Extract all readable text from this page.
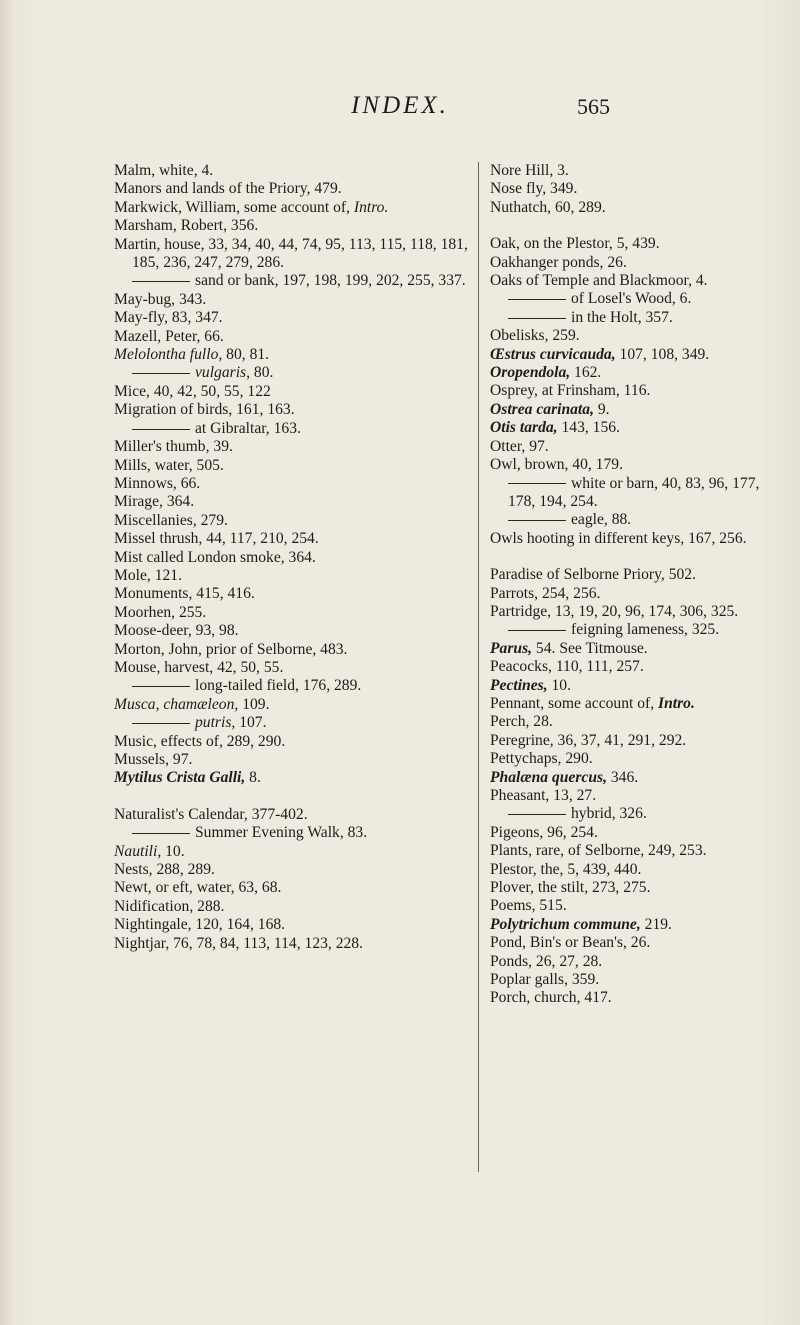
INDEX.	565

Malm, white, 4.

Manors and lands of the Priory, 479.

Markwick, William, some account of, Intro.

Marsham, Robert, 356.

Martin, house, 33, 34, 40, 44, 74, 95, 113, 115, 118, 181, 185, 236, 247, 279, 286.

sand or bank, 197, 198, 199, 202, 255, 337.

May-bug, 343.

May-fly, 83, 347.

Mazell, Peter, 66.

Melolontha fullo, 80, 81.

vulgaris, 80.

Mice, 40, 42, 50, 55, 122

Migration of birds, 161, 163.

at Gibraltar, 163.

Miller's thumb, 39.

Mills, water, 505.

Minnows, 66.

Mirage, 364.

Miscellanies, 279.

Missel thrush, 44, 117, 210, 254.

Mist called London smoke, 364.

Mole, 121.

Monuments, 415, 416.

Moorhen, 255.

Moose-deer, 93, 98.

Morton, John, prior of Selborne, 483.

Mouse, harvest, 42, 50, 55.

long-tailed field, 176, 289.

Musca, chamæleon, 109.

putris, 107.

Music, effects of, 289, 290.

Mussels, 97.

Mytilus Crista Galli, 8.

Naturalist's Calendar, 377-402.

Summer Evening Walk, 83.

Nautili, 10.

Nests, 288, 289.

Newt, or eft, water, 63, 68.

Nidification, 288.

Nightingale, 120, 164, 168.

Nightjar, 76, 78, 84, 113, 114, 123, 228.

Nore Hill, 3.

Nose fly, 349.

Nuthatch, 60, 289.

Oak, on the Plestor, 5, 439.

Oakhanger ponds, 26.

Oaks of Temple and Blackmoor, 4.

of Losel's Wood, 6.

in the Holt, 357.

Obelisks, 259.

Œstrus curvicauda, 107, 108, 349.

Oropendola, 162.

Osprey, at Frinsham, 116.

Ostrea carinata, 9.

Otis tarda, 143, 156.

Otter, 97.

Owl, brown, 40, 179.

white or barn, 40, 83, 96, 177, 178, 194, 254.

eagle, 88.

Owls hooting in different keys, 167, 256.

Paradise of Selborne Priory, 502.

Parrots, 254, 256.

Partridge, 13, 19, 20, 96, 174, 306, 325.

feigning lameness, 325.

Parus, 54. See Titmouse.

Peacocks, 110, 111, 257.

Pectines, 10.

Pennant, some account of, Intro.

Perch, 28.

Peregrine, 36, 37, 41, 291, 292.

Pettychaps, 290.

Phalæna quercus, 346.

Pheasant, 13, 27.

hybrid, 326.

Pigeons, 96, 254.

Plants, rare, of Selborne, 249, 253.

Plestor, the, 5, 439, 440.

Plover, the stilt, 273, 275.

Poems, 515.

Polytrichum commune, 219.

Pond, Bin's or Bean's, 26.

Ponds, 26, 27, 28.

Poplar galls, 359.

Porch, church, 417.
